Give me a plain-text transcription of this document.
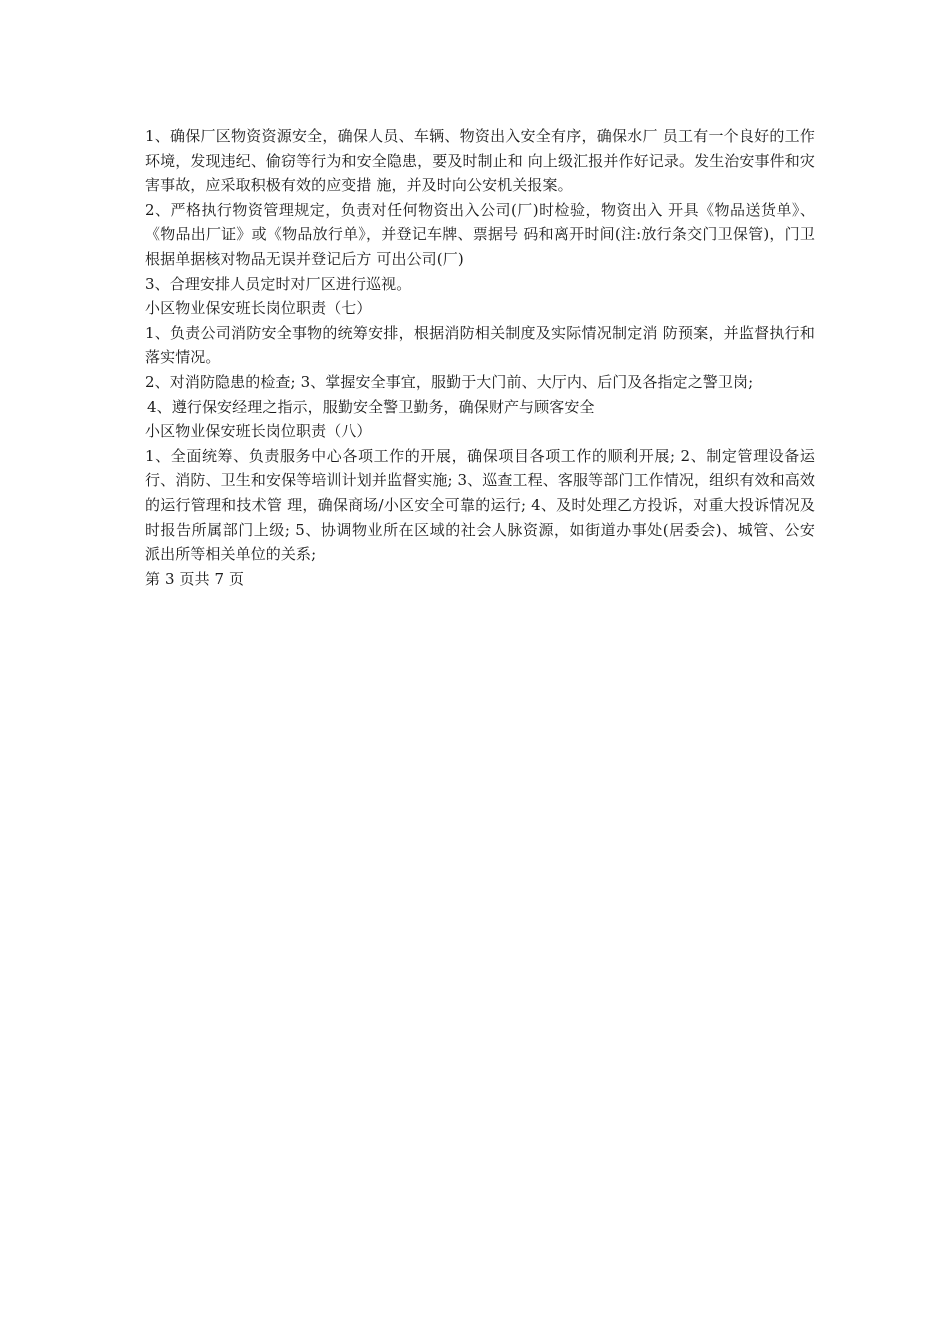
1、确保厂区物资资源安全，确保人员、车辆、物资出入安全有序，确保水厂 员工有一个良好的工作环境，发现违纪、偷窃等行为和安全隐患，要及时制止和 向上级汇报并作好记录。发生治安事件和灾害事故，应采取积极有效的应变措 施，并及时向公安机关报案。

2、严格执行物资管理规定，负责对任何物资出入公司(厂)时检验，物资出入 开具《物品送货单》、《物品出厂证》或《物品放行单》，并登记车牌、票据号 码和离开时间(注:放行条交门卫保管)，门卫根据单据核对物品无误并登记后方 可出公司(厂)

3、合理安排人员定时对厂区进行巡视。

小区物业保安班长岗位职责（七）

1、负责公司消防安全事物的统筹安排，根据消防相关制度及实际情况制定消 防预案，并监督执行和落实情况。

2、对消防隐患的检查; 3、掌握安全事宜，服勤于大门前、大厅内、后门及各指定之警卫岗;

4、遵行保安经理之指示，服勤安全警卫勤务，确保财产与顾客安全

小区物业保安班长岗位职责（八）

1、全面统筹、负责服务中心各项工作的开展，确保项目各项工作的顺利开展; 2、制定管理设备运行、消防、卫生和安保等培训计划并监督实施; 3、巡查工程、客服等部门工作情况，组织有效和高效的运行管理和技术管 理，确保商场/小区安全可靠的运行; 4、及时处理乙方投诉，对重大投诉情况及时报告所属部门上级; 5、协调物业所在区域的社会人脉资源，如街道办事处(居委会)、城管、公安 派出所等相关单位的关系;

第 3 页共 7 页
